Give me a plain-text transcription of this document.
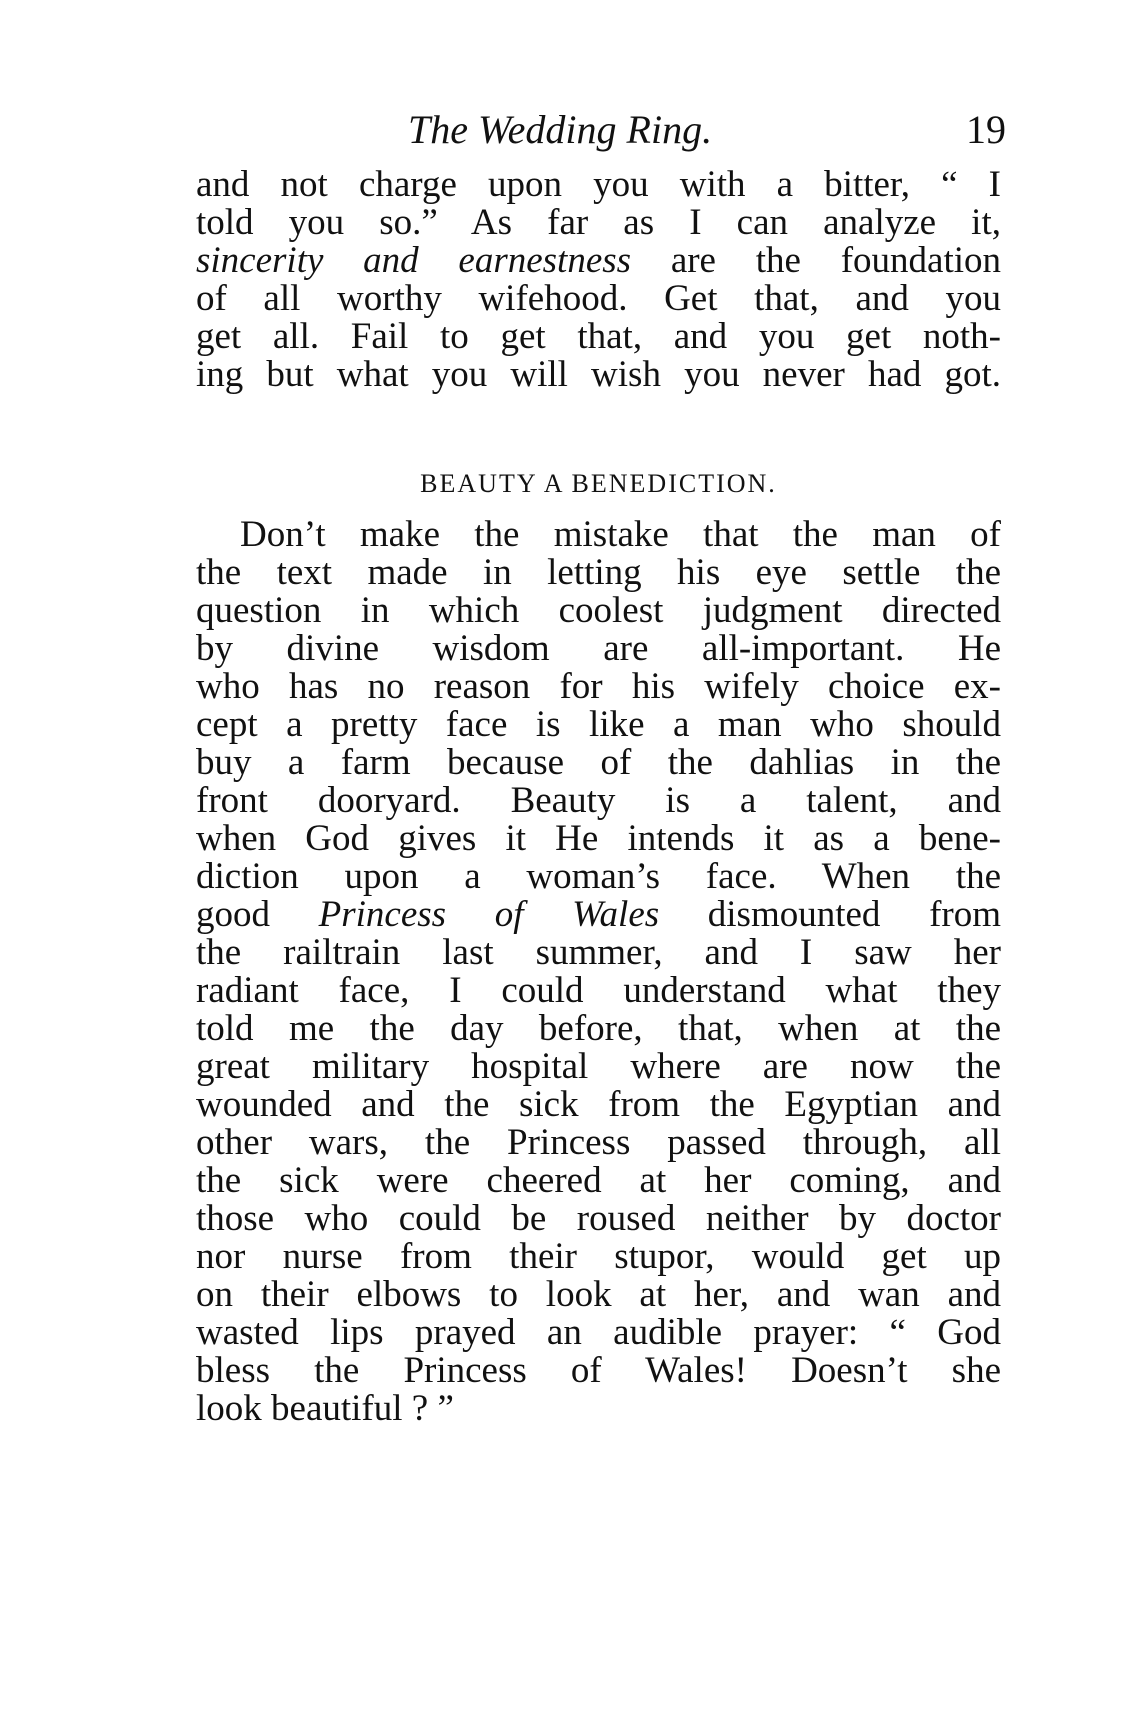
The Wedding Ring.	19
and not charge upon you with a bitter, “ I
told you so.” As far as I can analyze it,
sincerity and earnestness are the foundation
of all worthy wifehood. Get that, and you
get all. Fail to get that, and you get noth-
ing but what you will wish you never had got.
BEAUTY A BENEDICTION.
Don’t make the mistake that the man of
the text made in letting his eye settle the
question in which coolest judgment directed
by divine wisdom are all-important. He
who has no reason for his wifely choice ex-
cept a pretty face is like a man who should
buy a farm because of the dahlias in the
front dooryard. Beauty is a talent, and
when God gives it He intends it as a bene-
diction upon a woman’s face. When the
good Princess of Wales dismounted from
the railtrain last summer, and I saw her
radiant face, I could understand what they
told me the day before, that, when at the
great military hospital where are now the
wounded and the sick from the Egyptian and
other wars, the Princess passed through, all
the sick were cheered at her coming, and
those who could be roused neither by doctor
nor nurse from their stupor, would get up
on their elbows to look at her, and wan and
wasted lips prayed an audible prayer: “ God
bless the Princess of Wales! Doesn’t she
look beautiful ? ”
